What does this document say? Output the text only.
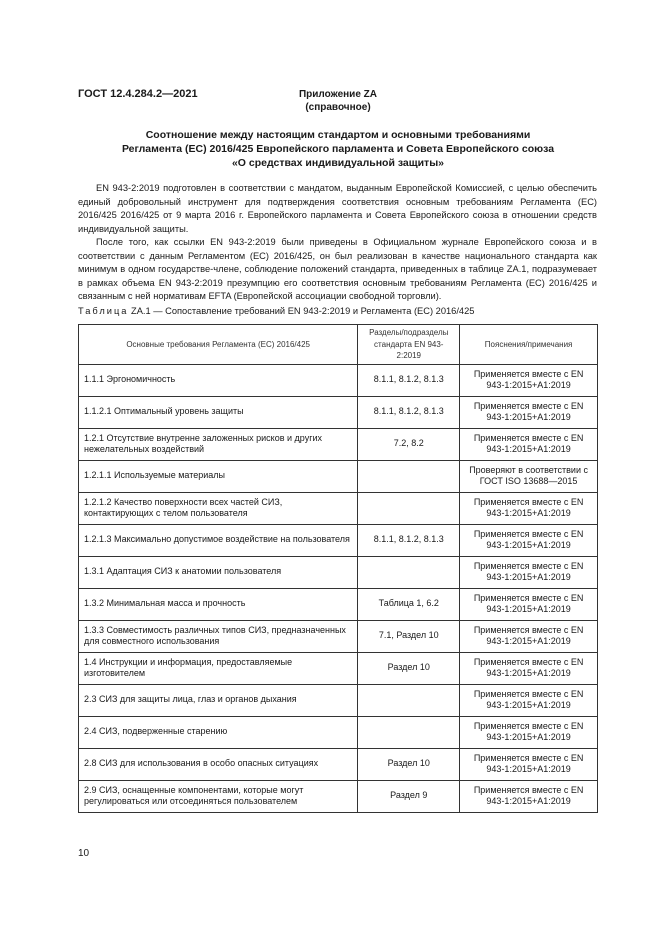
ГОСТ 12.4.284.2—2021	Приложение ZA
(справочное)
Соотношение между настоящим стандартом и основными требованиями
Регламента (ЕС) 2016/425 Европейского парламента и Совета Европейского союза
«О средствах индивидуальной защиты»

EN 943-2:2019 подготовлен в соответствии с мандатом, выданным Европейской Комиссией, с целью обеспечить единый добровольный инструмент для подтверждения соответствия основным требованиям Регламента (ЕС) 2016/425 2016/425 от 9 марта 2016 г. Европейского парламента и Совета Европейского союза в отношении средств индивидуальной защиты.

После того, как ссылки EN 943-2:2019 были приведены в Официальном журнале Европейского союза и в соответствии с данным Регламентом (ЕС) 2016/425, он был реализован в качестве национального стандарта как минимум в одном государстве-члене, соблюдение положений стандарта, приведенных в таблице ZA.1, подразумевает в рамках объема EN 943-2:2019 презумпцию его соответствия основным требованиям Регламента (ЕС) 2016/425 и связанным с ней нормативам EFTA (Европейской ассоциации свободной торговли).

Таблица ZA.1 — Сопоставление требований EN 943-2:2019 и Регламента (ЕС) 2016/425
Основные требования Регламента (ЕС) 2016/425	Разделы/подразделы стандарта EN 943-2:2019	Пояснения/примечания
1.1.1 Эргономичность	8.1.1, 8.1.2, 8.1.3	Применяется вместе с EN 943-1:2015+A1:2019
1.1.2.1 Оптимальный уровень защиты	8.1.1, 8.1.2, 8.1.3	Применяется вместе с EN 943-1:2015+A1:2019
1.2.1 Отсутствие внутренне заложенных рисков и других нежелательных воздействий	7.2, 8.2	Применяется вместе с EN 943-1:2015+A1:2019
1.2.1.1 Используемые материалы		Проверяют в соответствии с ГОСТ ISO 13688—2015
1.2.1.2 Качество поверхности всех частей СИЗ, контактирующих с телом пользователя		Применяется вместе с EN 943-1:2015+A1:2019
1.2.1.3 Максимально допустимое воздействие на пользователя	8.1.1, 8.1.2, 8.1.3	Применяется вместе с EN 943-1:2015+A1:2019
1.3.1 Адаптация СИЗ к анатомии пользователя		Применяется вместе с EN 943-1:2015+A1:2019
1.3.2 Минимальная масса и прочность	Таблица 1, 6.2	Применяется вместе с EN 943-1:2015+A1:2019
1.3.3 Совместимость различных типов СИЗ, предназначенных для совместного использования	7.1, Раздел 10	Применяется вместе с EN 943-1:2015+A1:2019
1.4 Инструкции и информация, предоставляемые изготовителем	Раздел 10	Применяется вместе с EN 943-1:2015+A1:2019
2.3 СИЗ для защиты лица, глаз и органов дыхания		Применяется вместе с EN 943-1:2015+A1:2019
2.4 СИЗ, подверженные старению		Применяется вместе с EN 943-1:2015+A1:2019
2.8 СИЗ для использования в особо опасных ситуациях	Раздел 10	Применяется вместе с EN 943-1:2015+A1:2019
2.9 СИЗ, оснащенные компонентами, которые могут регулироваться или отсоединяться пользователем	Раздел 9	Применяется вместе с EN 943-1:2015+A1:2019
10
